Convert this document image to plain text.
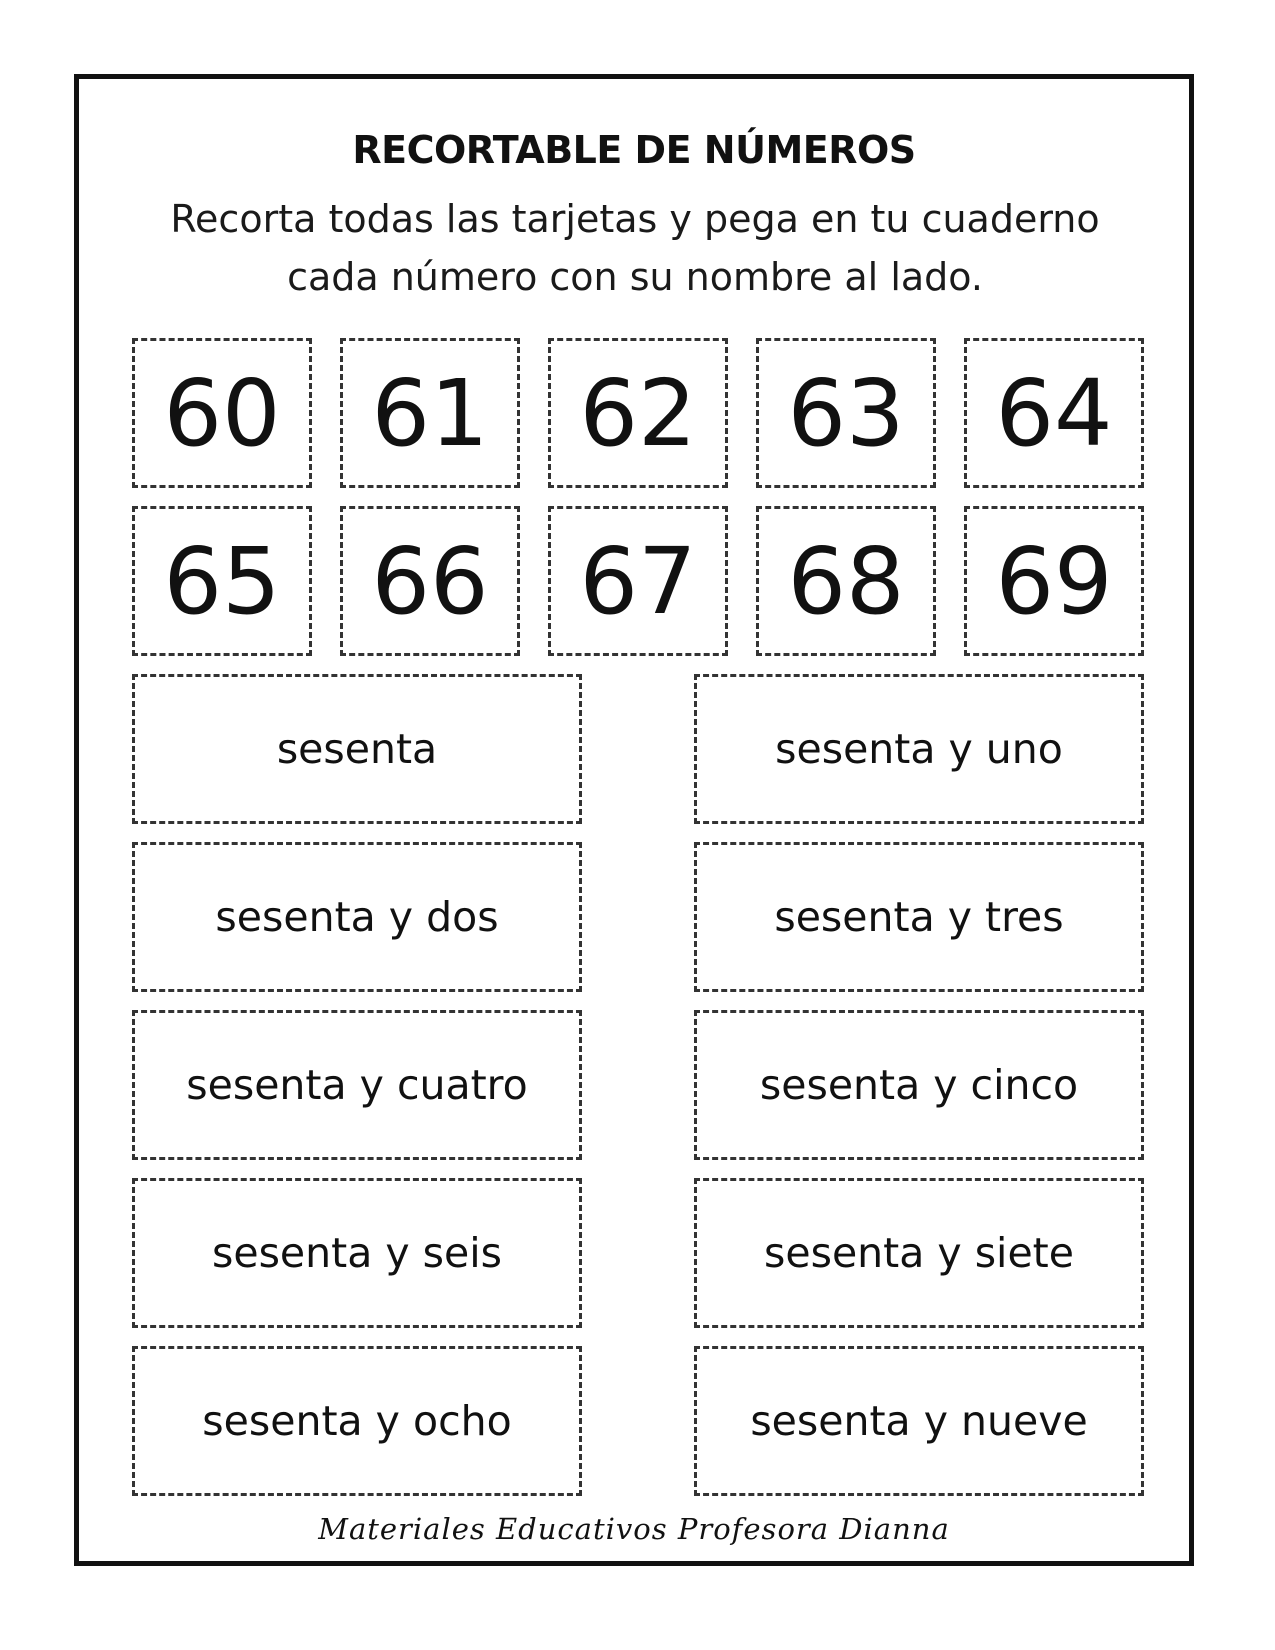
RECORTABLE DE NÚMEROS
Recorta todas las tarjetas y pega en tu cuaderno cada número con su nombre al lado.
60 61 62 63 64
65 66 67 68 69
sesenta	sesenta y uno
sesenta y dos	sesenta y tres
sesenta y cuatro	sesenta y cinco
sesenta y seis	sesenta y siete
sesenta y ocho	sesenta y nueve
Materiales Educativos Profesora Dianna
